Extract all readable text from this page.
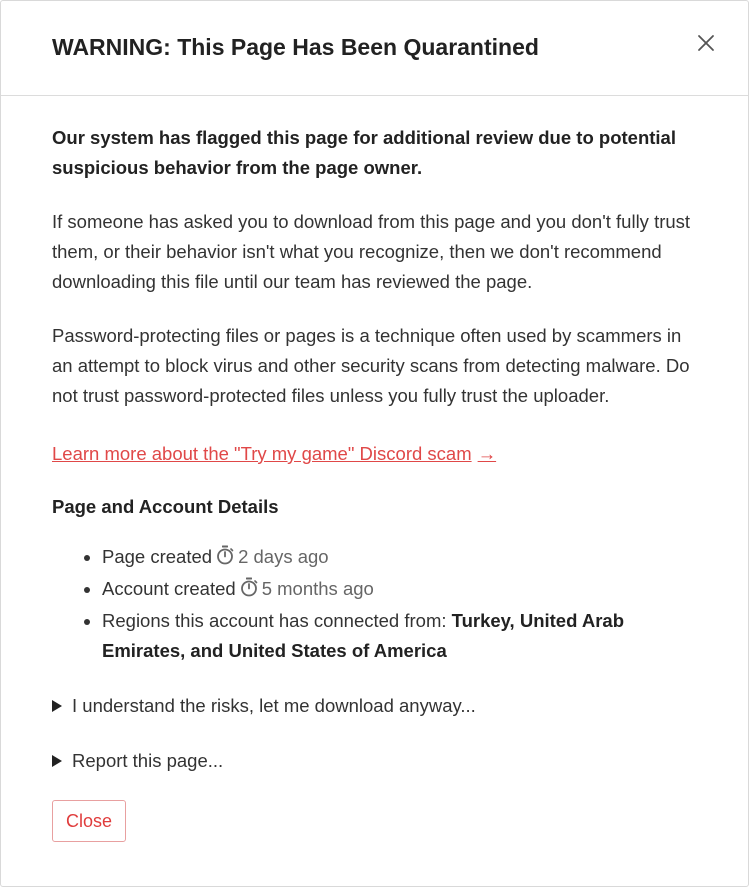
WARNING: This Page Has Been Quarantined

Our system has flagged this page for additional review due to potential suspicious behavior from the page owner.

If someone has asked you to download from this page and you don't fully trust them, or their behavior isn't what you recognize, then we don't recommend downloading this file until our team has reviewed the page.

Password-protecting files or pages is a technique often used by scammers in an attempt to block virus and other security scans from detecting malware. Do not trust password-protected files unless you fully trust the uploader.

Learn more about the "Try my game" Discord scam →
Page and Account Details
• Page created 2 days ago
• Account created 5 months ago
• Regions this account has connected from: Turkey, United Arab Emirates, and United States of America
I understand the risks, let me download anyway...
Report this page...
Close
